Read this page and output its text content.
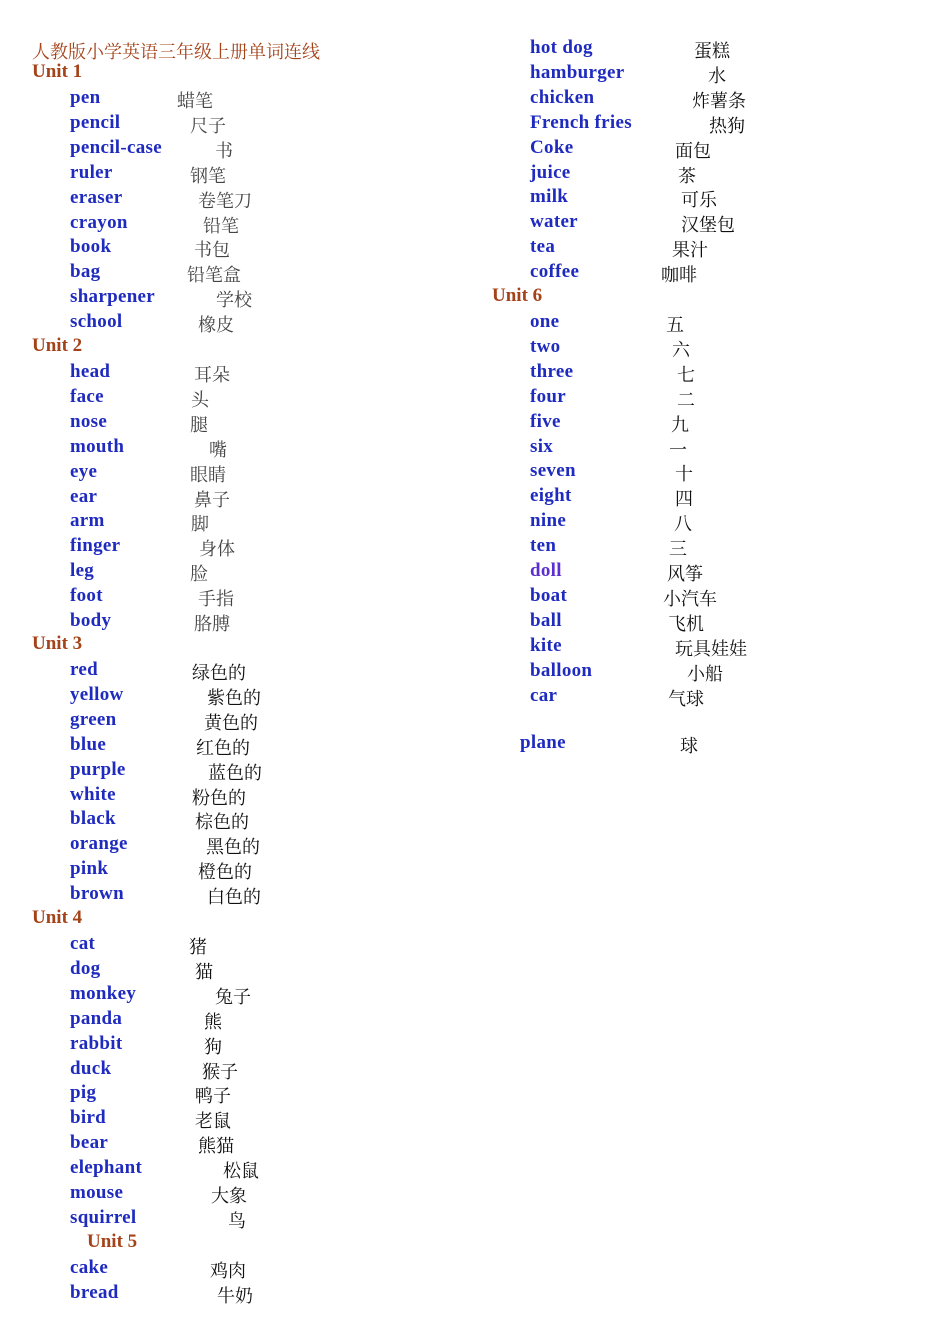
人教版小学英语三年级上册单词连线
Unit 1
pen	蜡笔
pencil	尺子
pencil-case	书
ruler	钢笔
eraser	卷笔刀
crayon	铅笔
book	书包
bag	铅笔盒
sharpener	学校
school	橡皮
Unit 2
head	耳朵
face	头
nose	腿
mouth	嘴
eye	眼睛
ear	鼻子
arm	脚
finger	身体
leg	脸
foot	手指
body	胳膊
Unit 3
red	绿色的
yellow	紫色的
green	黄色的
blue	红色的
purple	蓝色的
white	粉色的
black	棕色的
orange	黑色的
pink	橙色的
brown	白色的
Unit 4
cat	猪
dog	猫
monkey	兔子
panda	熊
rabbit	狗
duck	猴子
pig	鸭子
bird	老鼠
bear	熊猫
elephant	松鼠
mouse	大象
squirrel	鸟
Unit 5
cake	鸡肉
bread	牛奶
hot dog	蛋糕
hamburger	水
chicken	炸薯条
French fries	热狗
Coke	面包
juice	茶
milk	可乐
water	汉堡包
tea	果汁
coffee	咖啡
Unit 6
one	五
two	六
three	七
four	二
five	九
six	一
seven	十
eight	四
nine	八
ten	三
doll	风筝
boat	小汽车
ball	飞机
kite	玩具娃娃
balloon	小船
car	气球
plane	球
